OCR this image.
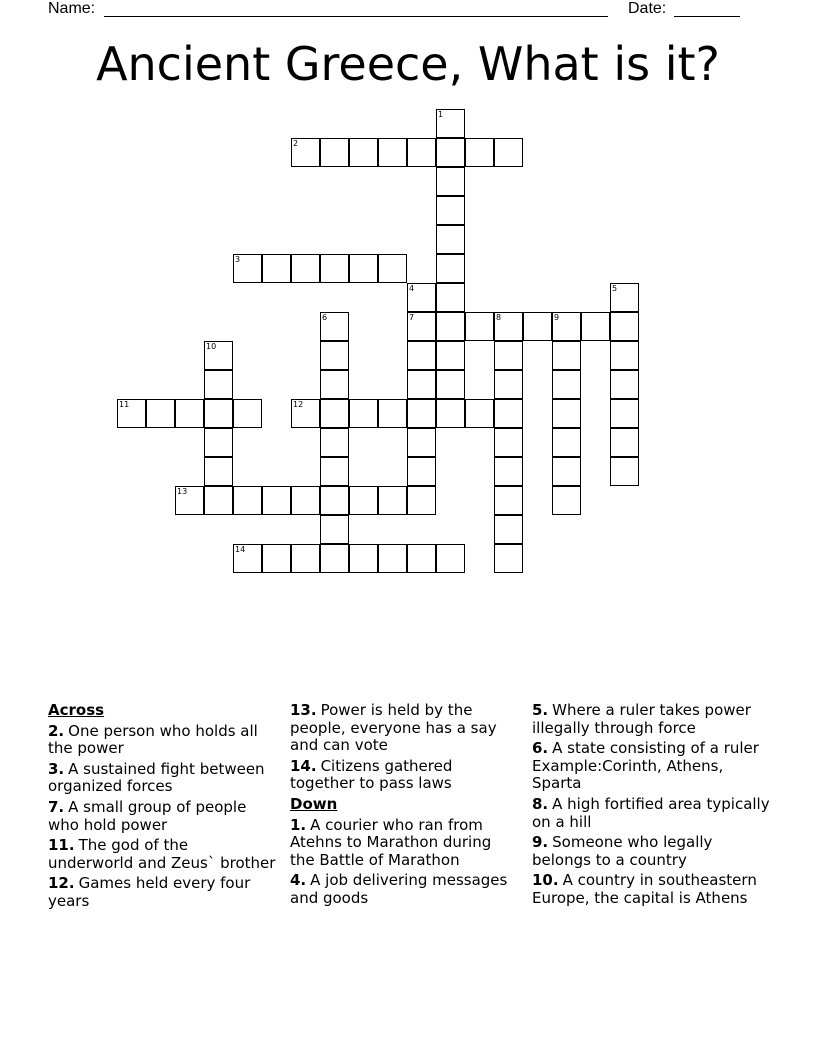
Name:	Date:
Ancient Greece, What is it?
1
2
3
4
7
5
6	8	9
10
11	12
13
14
Across
2. One person who holds all the power
3. A sustained fight between organized forces
7. A small group of people who hold power
11. The god of the underworld and Zeus` brother
12. Games held every four years
13. Power is held by the people, everyone has a say and can vote
14. Citizens gathered together to pass laws
Down
1. A courier who ran from Atehns to Marathon during the Battle of Marathon
4. A job delivering messages and goods
5. Where a ruler takes power illegally through force
6. A state consisting of a ruler Example:Corinth, Athens, Sparta
8. A high fortified area typically on a hill
9. Someone who legally belongs to a country
10. A country in southeastern Europe, the capital is Athens
